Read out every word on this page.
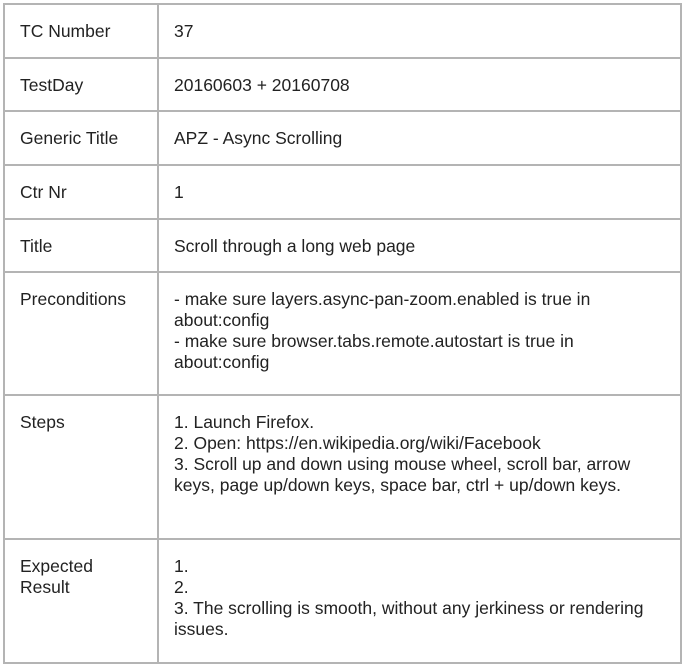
TC Number	37

TestDay	20160603 + 20160708

Generic Title	APZ - Async Scrolling

Ctr Nr	1

Title	Scroll through a long web page

Preconditions	- make sure layers.async-pan-zoom.enabled is true in about:config
- make sure browser.tabs.remote.autostart is true in about:config

Steps	1. Launch Firefox.
2. Open: https://en.wikipedia.org/wiki/Facebook
3. Scroll up and down using mouse wheel, scroll bar, arrow keys, page up/down keys, space bar, ctrl + up/down keys.

Expected Result	1.
2.
3. The scrolling is smooth, without any jerkiness or rendering issues.
